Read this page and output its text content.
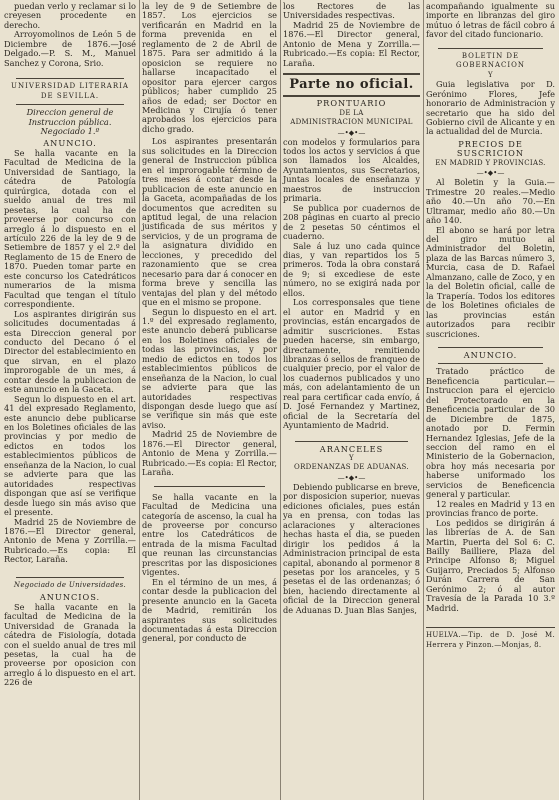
puedan verlo y reclamar si lo creyesen procedente en derecho.

Arroyomolinos de León 5 de Diciembre de 1876.—José Delgado.—P. S. M., Manuel Sanchez y Corona, Srio.

UNIVERSIDAD LITERARIA DE SEVILLA.

Direccion general de Instruccion pública.

Negociado 1.º

ANUNCIO.

Se halla vacante en la Facultad de Medicina de la Universidad de Santiago, la cátedra de Patología quirúrgica, dotada con el sueldo anual de tres mil pesetas, la cual ha de proveerse por concurso con arreglo á lo dispuesto en el artículo 226 de la ley de 9 de Setiembre de 1857 y el 2.º del Reglamento de 15 de Enero de 1870. Pueden tomar parte en este concurso los Catedráticos numerarios de la misma Facultad que tengan el título correspondiente.

Los aspirantes dirigirán sus solicitudes documentadas á esta Direccion general por conducto del Decano ó el Director del establecimiento en que sirvan, en el plazo improrogable de un mes, á contar desde la publicacion de este anuncio en la Gaceta.

Segun lo dispuesto en el art. 41 del expresado Reglamento, este anuncio debe publicarse en los Boletines oficiales de las provincias y por medio de edictos en todos los establecimientos públicos de enseñanza de la Nacion, lo cual se advierte para que las autoridades respectivas dispongan que así se verifique desde luego sin más aviso que el presente.

Madrid 25 de Noviembre de 1876.—El Director general, Antonio de Mena y Zorrilla.—Rubricado.—Es copia: El Rector, Laraña.

Negociado de Universidades.

ANUNCIOS.

Se halla vacante en la facultad de Medicina de la Universidad de Granada la cátedra de Fisiología, dotada con el sueldo anual de tres mil pesetas, la cual ha de proveerse por oposicion con arreglo á lo dispuesto en el art. 226 de

la ley de 9 de Setiembre de 1857. Los ejercicios se verificarán en Madrid en la forma prevenida en el reglamento de 2 de Abril de 1875. Para ser admitido á la oposicion se requiere no hallarse incapacitado el opositor para ejercer cargos públicos; haber cumplido 25 años de edad; ser Doctor en Medicina y Cirujía ó tener aprobados los ejercicios para dicho grado.

Los aspirantes presentarán sus solicitudes en la Direccion general de Instruccion pública en el improrogable término de tres meses á contar desde la publicacion de este anuncio en la Gaceta, acompañadas de los documentos que acrediten su aptitud legal, de una relacion justificada de sus méritos y servicios, y de un programa de la asignatura dividido en lecciones, y precedido del razonamiento que se crea necesario para dar á conocer en forma breve y sencilla las ventajas del plan y del método que en el mismo se propone.

Segun lo dispuesto en el art. 1.º del expresado reglamento, este anuncio deberá publicarse en los Boletines oficiales de todas las provincias, y por medio de edictos en todos los establecimientos públicos de enseñanza de la Nacion, lo cual se advierte para que las autoridades respectivas dispongan desde luego que así se verifique sin más que este aviso.

Madrid 25 de Noviembre de 1876.—El Director general, Antonio de Mena y Zorrilla.—Rubricado.—Es copia: El Rector, Laraña.

Se halla vacante en la Facultad de Medicina una categoría de ascenso, la cual ha de proveerse por concurso entre los Catedráticos de entrada de la misma Facultad que reunan las circunstancias prescritas por las disposiciones vigentes.

En el término de un mes, á contar desde la publicacion del presente anuncio en la Gaceta de Madrid, remitirán los aspirantes sus solicitudes documentadas á esta Direccion general, por conducto de

los Rectores de las Universidades respectivas.

Madrid 25 de Noviembre de 1876.—El Director general, Antonio de Mena y Zorrilla.—Rubricado.—Es copia: El Rector, Laraña.

Parte no oficial.

PRONTUARIO

DE LA

ADMINISTRACION MUNICIPAL

—•◆•—

con modelos y formularios para todos los actos y servicios á que son llamados los Alcaldes, Ayuntamientos, sus Secretarios, Juntas locales de enseñanza y maestros de instruccion primaria.

Se publica por cuadernos de 208 páginas en cuarto al precio de 2 pesetas 50 céntimos el cuaderno.

Sale á luz uno cada quince dias, y van repartidos los 5 primeros. Toda la obra constará de 9; si excediese de este número, no se exigirá nada por ellos.

Los corresponsales que tiene el autor en Madrid y en provincias, están encargados de admitir suscriciones. Estas pueden hacerse, sin embargo, directamente, remitiendo libranzas ó sellos de franqueo de cualquier precio, por el valor de los cuadernos publicados y uno más, con adelantamiento de un real para certificar cada envío, á D. José Fernandez y Martinez, oficial de la Secretaría del Ayuntamiento de Madrid.

ARANCELES

Y

ORDENANZAS DE ADUANAS.

—•◆•—

Debiendo publicarse en breve, por disposicion superior, nuevas ediciones oficiales, pues están ya en prensa, con todas las aclaraciones y alteraciones hechas hasta el dia, se pueden dirigir los pedidos á la Administracion principal de esta capital, abonando al pormenor 8 pesetas por los aranceles, y 5 pesetas el de las ordenanzas; ó bien, haciendo directamente al oficial de la Direccion general de Aduanas D. Juan Blas Sanjes,

acompañando igualmente su importe en libranzas del giro mútuo ó letras de fácil cobro á favor del citado funcionario.

BOLETIN DE GOBERNACION

Y

Guia legislativa por D. Gerónimo Flores, Jefe honorario de Administracion y secretario que ha sido del Gobierno civil de Alicante y en la actualidad del de Murcia.

PRECIOS DE SUSCRICION

EN MADRID Y PROVINCIAS.

—•◆•—

Al Boletin y la Guia.—Trimestre 20 reales.—Medio año 40.—Un año 70.—En Ultramar, medio año 80.—Un año 140.

El abono se hará por letra del giro mutuo al Administrador del Boletin, plaza de las Barcas número 3, Murcia, casa de D. Rafael Almanzano, calle de Zoco, y en la del Boletin oficial, calle de la Trapería. Todos los editores de los Boletines oficiales de las provincias están autorizados para recibir suscriciones.

ANUNCIO.

Tratado práctico de Beneficencia particular.—Instruccion para el ejercicio del Protectorado en la Beneficencia particular de 30 de Diciembre de 1875, anotado por D. Fermin Hernandez Iglesias, Jefe de la seccion del ramo en el Ministerio de la Gobernacion, obra hoy más necesaria por haberse uniformado los servicios de Beneficencia general y particular.

12 reales en Madrid y 13 en provincias franco de porte.

Los pedidos se dirigirán á las librerías de A. de San Martin, Puerta del Sol 6: C. Bailly Bailliere, Plaza del Principe Alfonso 8; Miguel Guijarro, Preciados 5; Alfonso Durán Carrera de San Gerónimo 2; ó al autor Travesía de la Parada 10 3.º Madrid.

HUELVA.—Tip. de D. José M. Herrera y Pinzon.—Monjas, 8.
